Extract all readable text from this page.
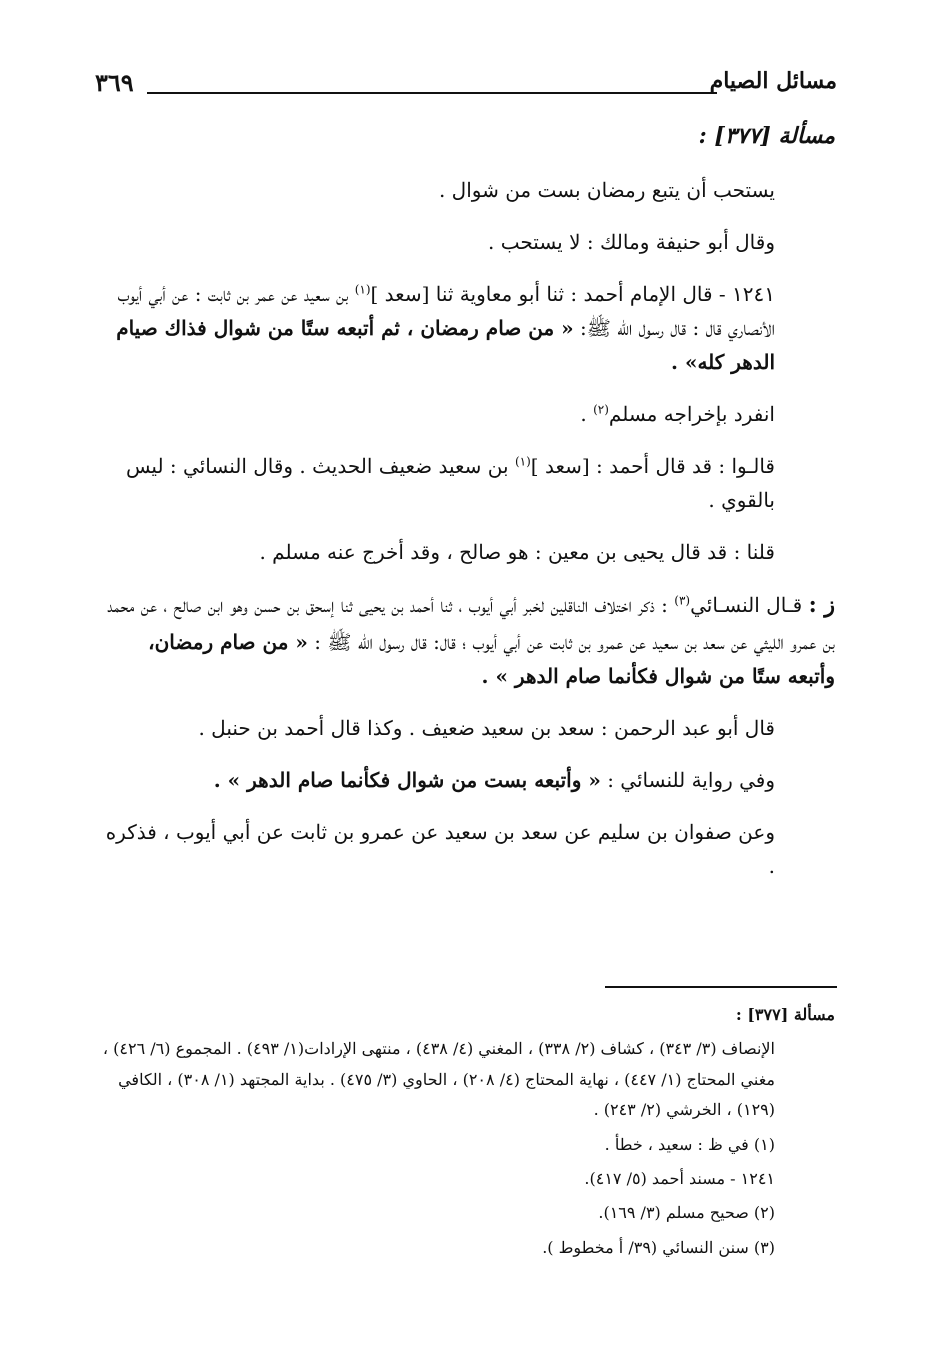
٣٦٩	مسائل الصيام

مسألة [٣٧٧] :

يستحب أن يتبع رمضان بست من شوال .

وقال أبو حنيفة ومالك : لا يستحب .

١٢٤١ - قال الإمام أحمد : ثنا أبو معاوية ثنا [سعد ]$^{(١)}$ بن سعيد عن عمر بن ثابت : عن أبي أيوب الأنصاري قال : قال رسول الله ﷺ: « من صام رمضان ، ثم أتبعه ستًا من شوال فذاك صيام الدهر كله» .

انفرد بإخراجه مسلم$^{(٢)}$ .

قالـوا : قد قال أحمد : [سعد ]$^{(١)}$ بن سعيد ضعيف الحديث . وقال النسائي : ليس بالقوي .

قلنا : قد قال يحيى بن معين : هو صالح ، وقد أخرج عنه مسلم .

ز : قـال النسـائي$^{(٣)}$ : ذكر اختلاف الناقلين لخبر أبي أيوب ، ثنا أحمد بن يحيى ثنا إسحق بن حسن وهو ابن صالح ، عن محمد بن عمرو الليثي عن سعد بن سعيد عن عمرو بن ثابت عن أبي أيوب ؛ قال: قال رسول الله ﷺ : « من صام رمضان، وأتبعه ستًا من شوال فكأنما صام الدهر » .

قال أبو عبد الرحمن : سعد بن سعيد ضعيف . وكذا قال أحمد بن حنبل .

وفي رواية للنسائي : « وأتبعه بست من شوال فكأنما صام الدهر » .

وعن صفوان بن سليم عن سعد بن سعيد عن عمرو بن ثابت عن أبي أيوب ، فذكره .

مسألة [٣٧٧] :

الإنصاف (٣/ ٣٤٣) ، كشاف (٢/ ٣٣٨) ، المغني (٤/ ٤٣٨) ، منتهى الإرادات(١/ ٤٩٣) . المجموع (٦/ ٤٢٦) ، مغني المحتاج (١/ ٤٤٧) ، نهاية المحتاج (٤/ ٢٠٨) ، الحاوي (٣/ ٤٧٥) . بداية المجتهد (١/ ٣٠٨) ، الكافي (١٢٩) ، الخرشي (٢/ ٢٤٣) .

(١) في ظ : سعيد ، خطأ .

١٢٤١ - مسند أحمد (٥/ ٤١٧).

(٢) صحيح مسلم (٣/ ١٦٩).

(٣) سنن النسائي (٣٩/ أ مخطوط ).
